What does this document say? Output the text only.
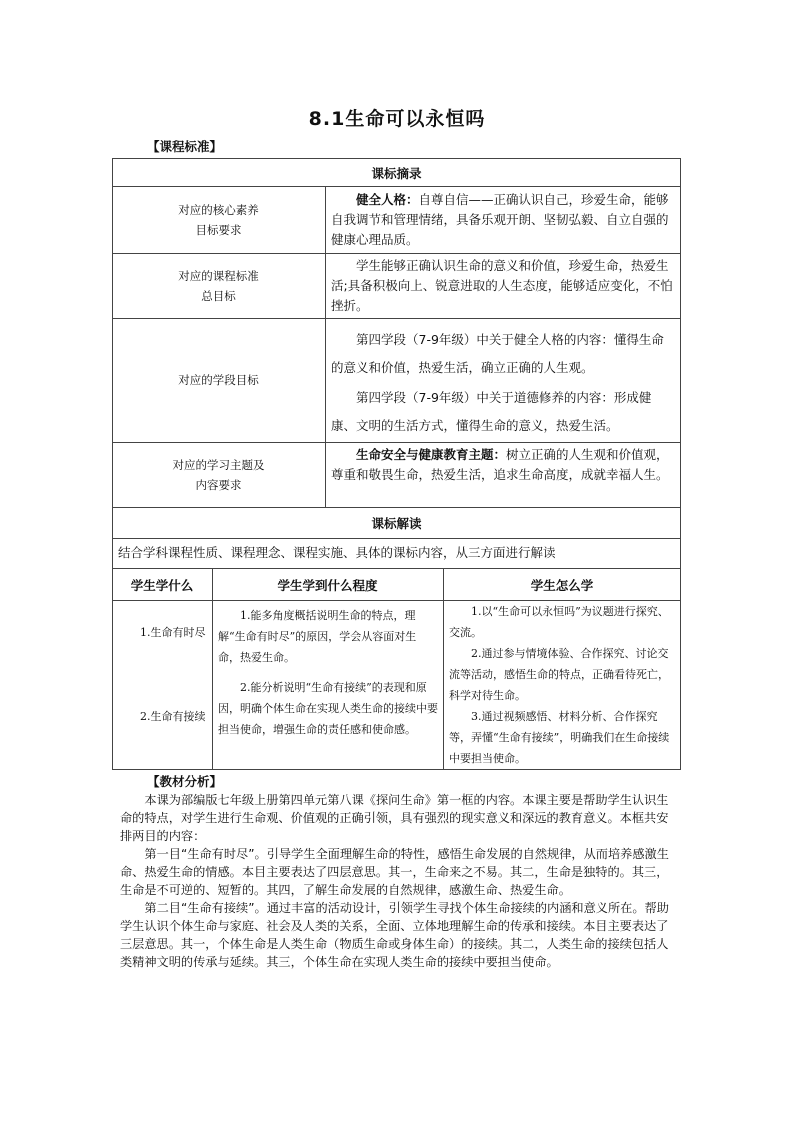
8.1生命可以永恒吗
【课程标准】
课标摘录
对应的核心素养
目标要求
健全人格：自尊自信——正确认识自己，珍爱生命，能够自我调节和管理情绪，具备乐观开朗、坚韧弘毅、自立自强的健康心理品质。
对应的课程标准
总目标
学生能够正确认识生命的意义和价值，珍爱生命，热爱生活;具备积极向上、锐意进取的人生态度，能够适应变化，不怕挫折。
对应的学段目标
第四学段（7-9年级）中关于健全人格的内容：懂得生命的意义和价值，热爱生活，确立正确的人生观。
第四学段（7-9年级）中关于道德修养的内容：形成健康、文明的生活方式，懂得生命的意义，热爱生活。
对应的学习主题及
内容要求
生命安全与健康教育主题：树立正确的人生观和价值观，尊重和敬畏生命，热爱生活，追求生命高度，成就幸福人生。
课标解读
结合学科课程性质、课程理念、课程实施、具体的课标内容，从三方面进行解读
学生学什么	学生学到什么程度	学生怎么学
1.生命有时尽
2.生命有接续
1.能多角度概括说明生命的特点，理解“生命有时尽”的原因，学会从容面对生命，热爱生命。
2.能分析说明“生命有接续”的表现和原因，明确个体生命在实现人类生命的接续中要担当使命，增强生命的责任感和使命感。
1.以“生命可以永恒吗”为议题进行探究、交流。
2.通过参与情境体验、合作探究、讨论交流等活动，感悟生命的特点，正确看待死亡，科学对待生命。
3.通过视频感悟、材料分析、合作探究等，弄懂“生命有接续”，明确我们在生命接续中要担当使命。
【教材分析】

本课为部编版七年级上册第四单元第八课《探问生命》第一框的内容。本课主要是帮助学生认识生命的特点，对学生进行生命观、价值观的正确引领，具有强烈的现实意义和深远的教育意义。本框共安排两目的内容：

第一目“生命有时尽”。引导学生全面理解生命的特性，感悟生命发展的自然规律，从而培养感激生命、热爱生命的情感。本目主要表达了四层意思。其一，生命来之不易。其二，生命是独特的。其三，生命是不可逆的、短暂的。其四，了解生命发展的自然规律，感激生命、热爱生命。

第二目“生命有接续”。通过丰富的活动设计，引领学生寻找个体生命接续的内涵和意义所在。帮助学生认识个体生命与家庭、社会及人类的关系，全面、立体地理解生命的传承和接续。本目主要表达了三层意思。其一，个体生命是人类生命（物质生命或身体生命）的接续。其二，人类生命的接续包括人类精神文明的传承与延续。其三，个体生命在实现人类生命的接续中要担当使命。
